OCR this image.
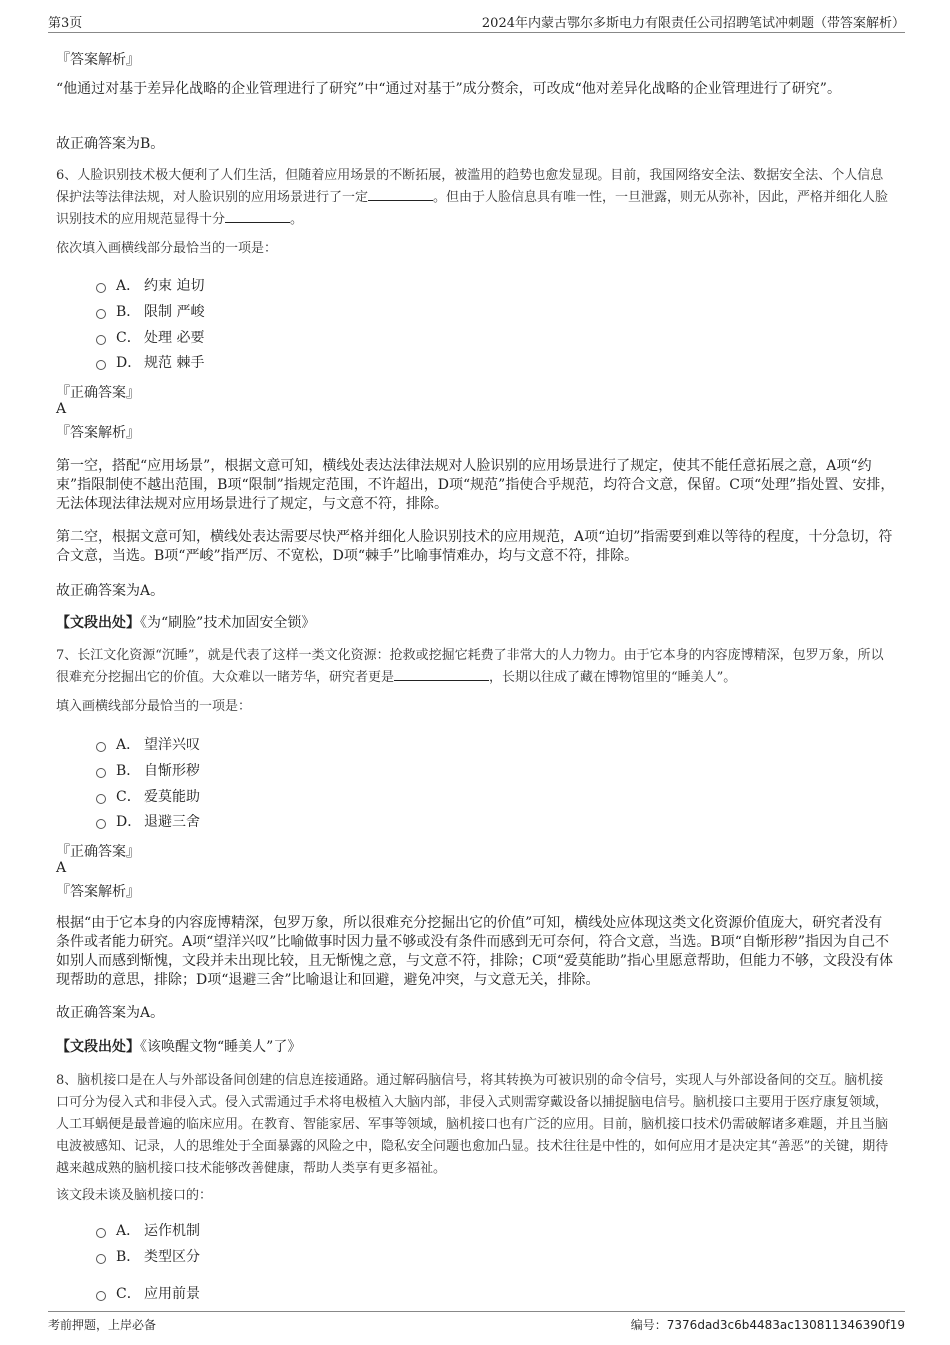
第3页	2024年内蒙古鄂尔多斯电力有限责任公司招聘笔试冲刺题（带答案解析）
『答案解析』
“他通过对基于差异化战略的企业管理进行了研究”中“通过对基于”成分赘余，可改成“他对差异化战略的企业管理进行了研究”。
故正确答案为B。
6、人脸识别技术极大便利了人们生活，但随着应用场景的不断拓展，被滥用的趋势也愈发显现。目前，我国网络安全法、数据安全法、个人信息保护法等法律法规，对人脸识别的应用场景进行了一定	。但由于人脸信息具有唯一性，一旦泄露，则无从弥补，因此，严格并细化人脸识别技术的应用规范显得十分	。
依次填入画横线部分最恰当的一项是：
A． 约束 迫切
B． 限制 严峻
C． 处理 必要
D． 规范 棘手
『正确答案』
A
『答案解析』
第一空，搭配“应用场景”，根据文意可知，横线处表达法律法规对人脸识别的应用场景进行了规定，使其不能任意拓展之意，A项“约束”指限制使不越出范围，B项“限制”指规定范围，不许超出，D项“规范”指使合乎规范，均符合文意，保留。C项“处理”指处置、安排，无法体现法律法规对应用场景进行了规定，与文意不符，排除。
第二空，根据文意可知，横线处表达需要尽快严格并细化人脸识别技术的应用规范，A项“迫切”指需要到难以等待的程度，十分急切，符合文意，当选。B项“严峻”指严厉、不宽松，D项“棘手”比喻事情难办，均与文意不符，排除。
故正确答案为A。
【文段出处】《为“刷脸”技术加固安全锁》
7、长江文化资源“沉睡”，就是代表了这样一类文化资源：抢救或挖掘它耗费了非常大的人力物力。由于它本身的内容庞博精深，包罗万象，所以很难充分挖掘出它的价值。大众难以一睹芳华，研究者更是	，长期以往成了藏在博物馆里的“睡美人”。
填入画横线部分最恰当的一项是：
A． 望洋兴叹
B． 自惭形秽
C． 爱莫能助
D． 退避三舍
『正确答案』
A
『答案解析』
根据“由于它本身的内容庞博精深，包罗万象，所以很难充分挖掘出它的价值”可知，横线处应体现这类文化资源价值庞大，研究者没有条件或者能力研究。A项“望洋兴叹”比喻做事时因力量不够或没有条件而感到无可奈何，符合文意，当选。B项“自惭形秽”指因为自己不如别人而感到惭愧，文段并未出现比较，且无惭愧之意，与文意不符，排除；C项“爱莫能助”指心里愿意帮助，但能力不够，文段没有体现帮助的意思，排除；D项“退避三舍”比喻退让和回避，避免冲突，与文意无关，排除。
故正确答案为A。
【文段出处】《该唤醒文物“睡美人”了》
8、脑机接口是在人与外部设备间创建的信息连接通路。通过解码脑信号，将其转换为可被识别的命令信号，实现人与外部设备间的交互。脑机接口可分为侵入式和非侵入式。侵入式需通过手术将电极植入大脑内部，非侵入式则需穿戴设备以捕捉脑电信号。脑机接口主要用于医疗康复领域，人工耳蜗便是最普遍的临床应用。在教育、智能家居、军事等领域，脑机接口也有广泛的应用。目前，脑机接口技术仍需破解诸多难题，并且当脑电波被感知、记录，人的思维处于全面暴露的风险之中，隐私安全问题也愈加凸显。技术往往是中性的，如何应用才是决定其“善恶”的关键，期待越来越成熟的脑机接口技术能够改善健康，帮助人类享有更多福祉。
该文段未谈及脑机接口的：
A． 运作机制
B． 类型区分
C． 应用前景
考前押题，上岸必备	编号：7376dad3c6b4483ac130811346390f19
